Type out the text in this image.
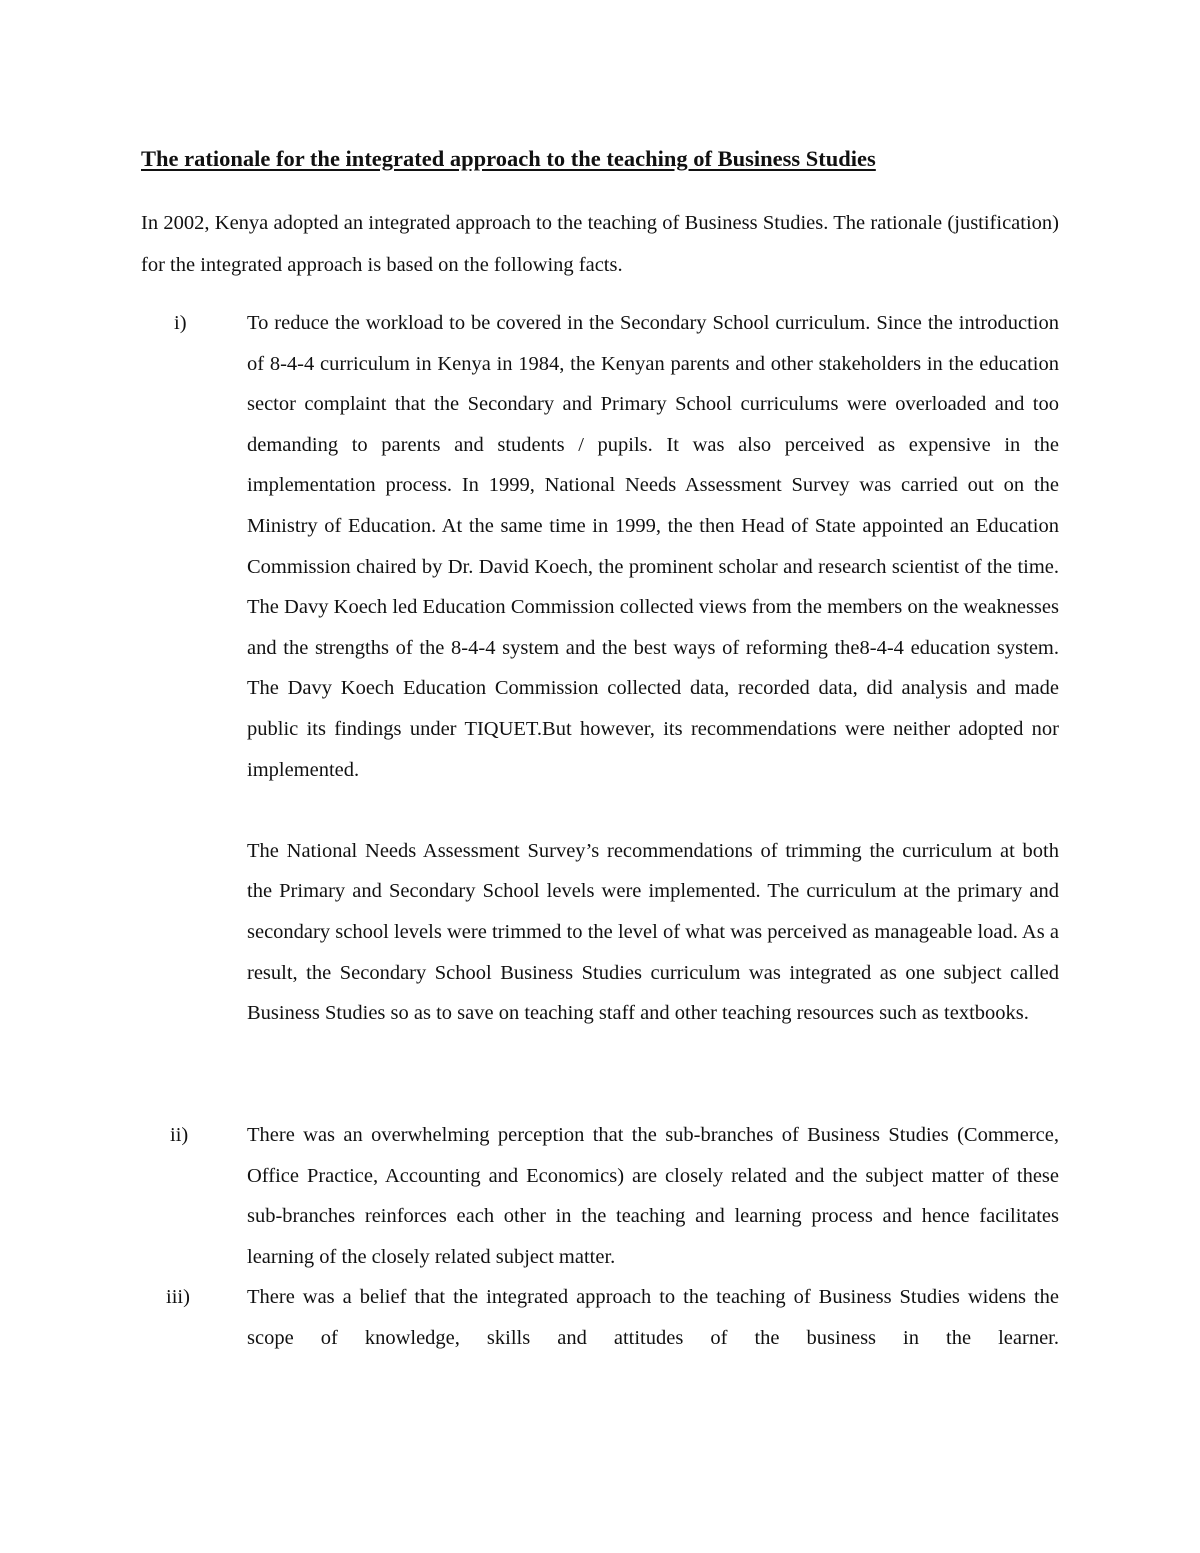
The rationale for the integrated approach to the teaching of Business Studies

In 2002, Kenya adopted an integrated approach to the teaching of Business Studies. The rationale (justification) for the integrated approach is based on the following facts.

i)	To reduce the workload to be covered in the Secondary School curriculum. Since the introduction of 8-4-4 curriculum in Kenya in 1984, the Kenyan parents and other stakeholders in the education sector complaint that the Secondary and Primary School curriculums were overloaded and too demanding to parents and students / pupils. It was also perceived as expensive in the implementation process. In 1999, National Needs Assessment Survey was carried out on the Ministry of Education. At the same time in 1999, the then Head of State appointed an Education Commission chaired by Dr. David Koech, the prominent scholar and research scientist of the time. The Davy Koech led Education Commission collected views from the members on the weaknesses and the strengths of the 8-4-4 system and the best ways of reforming the8-4-4 education system. The Davy Koech Education Commission collected data, recorded data, did analysis and made public its findings under TIQUET.But however, its recommendations were neither adopted nor implemented.

The National Needs Assessment Survey’s recommendations of trimming the curriculum at both the Primary and Secondary School levels were implemented. The curriculum at the primary and secondary school levels were trimmed to the level of what was perceived as manageable load. As a result, the Secondary School Business Studies curriculum was integrated as one subject called Business Studies so as to save on teaching staff and other teaching resources such as textbooks.

ii)	There was an overwhelming perception that the sub-branches of Business Studies (Commerce, Office Practice, Accounting and Economics) are closely related and the subject matter of these sub-branches reinforces each other in the teaching and learning process and hence facilitates learning of the closely related subject matter.

iii)	There was a belief that the integrated approach to the teaching of Business Studies widens the scope of knowledge, skills and attitudes of the business in the learner.
